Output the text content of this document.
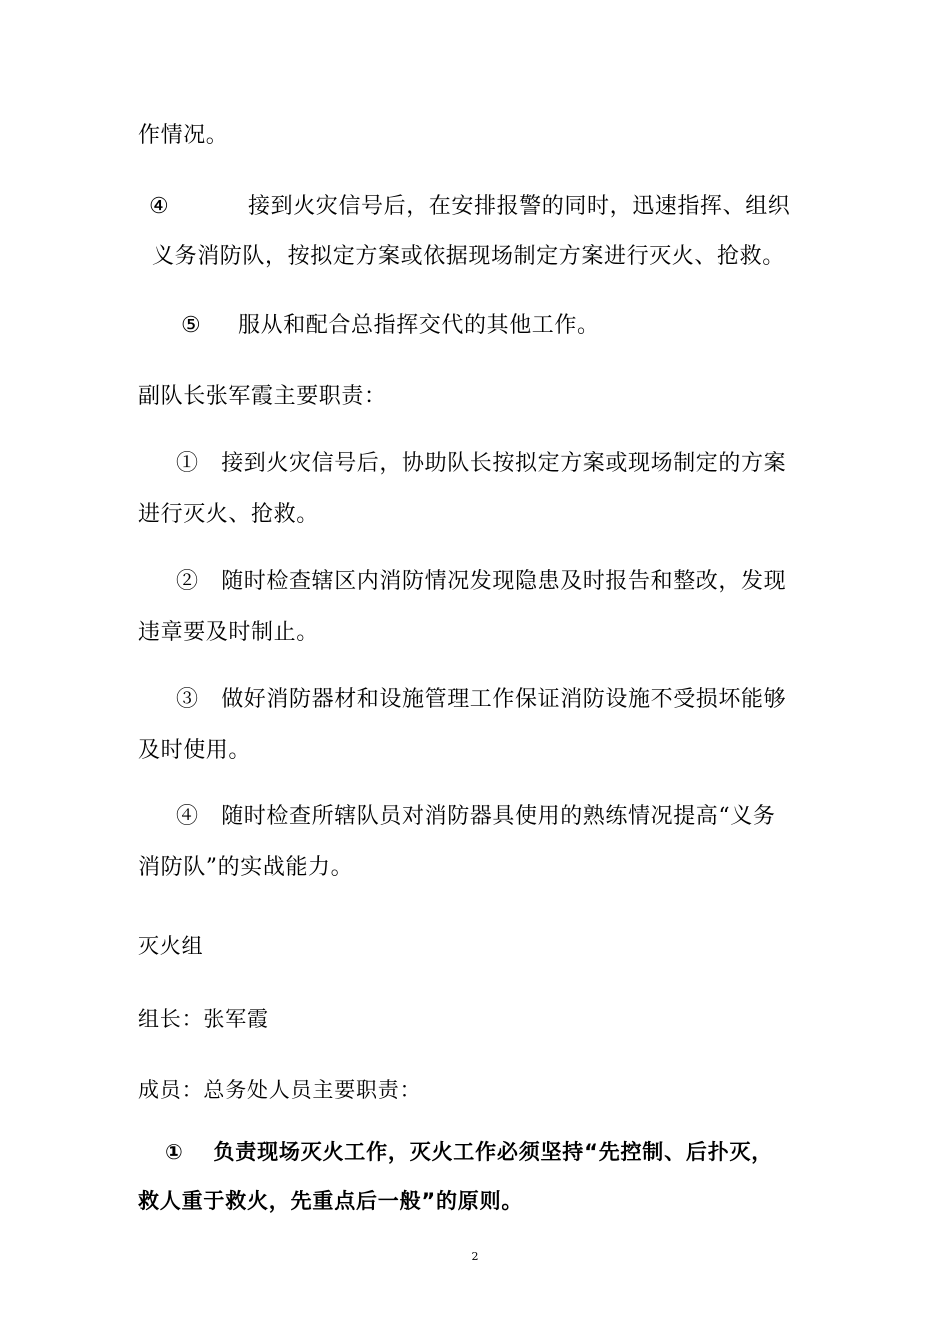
作情况。
④	接到火灾信号后，在安排报警的同时，迅速指挥、组织
义务消防队，按拟定方案或依据现场制定方案进行灭火、抢救。
⑤ 服从和配合总指挥交代的其他工作。
副队长张军霞主要职责：
①　接到火灾信号后，协助队长按拟定方案或现场制定的方案
进行灭火、抢救。
②　随时检查辖区内消防情况发现隐患及时报告和整改，发现
违章要及时制止。
③　做好消防器材和设施管理工作保证消防设施不受损坏能够
及时使用。
④　随时检查所辖队员对消防器具使用的熟练情况提高“义务
消防队”的实战能力。
灭火组
组长：张军霞
成员：总务处人员主要职责：
①　 负责现场灭火工作，灭火工作必须坚持“先控制、后扑灭，
救人重于救火，先重点后一般”的原则。
2
